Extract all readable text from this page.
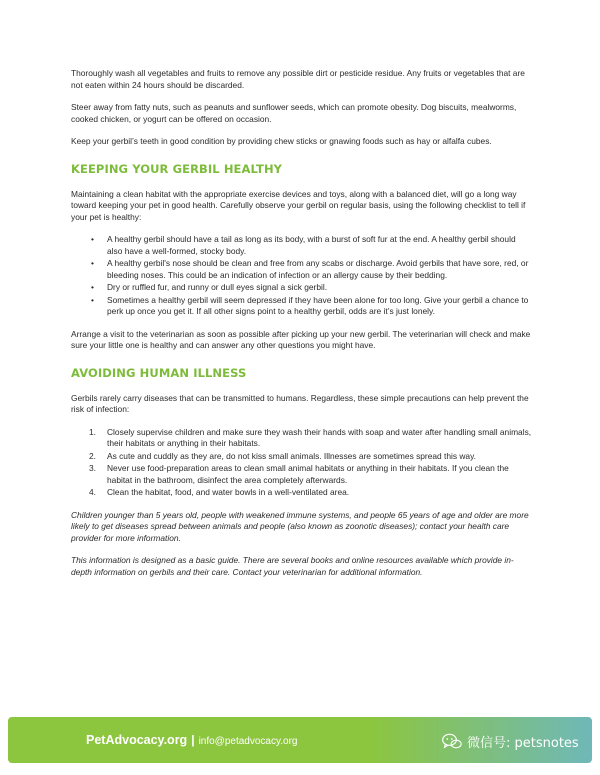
Thoroughly wash all vegetables and fruits to remove any possible dirt or pesticide residue. Any fruits or vegetables that are not eaten within 24 hours should be discarded.

Steer away from fatty nuts, such as peanuts and sunflower seeds, which can promote obesity. Dog biscuits, mealworms, cooked chicken, or yogurt can be offered on occasion.

Keep your gerbil’s teeth in good condition by providing chew sticks or gnawing foods such as hay or alfalfa cubes.

KEEPING YOUR GERBIL HEALTHY

Maintaining a clean habitat with the appropriate exercise devices and toys, along with a balanced diet, will go a long way toward keeping your pet in good health. Carefully observe your gerbil on regular basis, using the following checklist to tell if your pet is healthy:

• A healthy gerbil should have a tail as long as its body, with a burst of soft fur at the end. A healthy gerbil should also have a well-formed, stocky body.
• A healthy gerbil's nose should be clean and free from any scabs or discharge. Avoid gerbils that have sore, red, or bleeding noses. This could be an indication of infection or an allergy cause by their bedding.
• Dry or ruffled fur, and runny or dull eyes signal a sick gerbil.
• Sometimes a healthy gerbil will seem depressed if they have been alone for too long. Give your gerbil a chance to perk up once you get it. If all other signs point to a healthy gerbil, odds are it’s just lonely.

Arrange a visit to the veterinarian as soon as possible after picking up your new gerbil. The veterinarian will check and make sure your little one is healthy and can answer any other questions you might have.

AVOIDING HUMAN ILLNESS

Gerbils rarely carry diseases that can be transmitted to humans. Regardless, these simple precautions can help prevent the risk of infection:

1. Closely supervise children and make sure they wash their hands with soap and water after handling small animals, their habitats or anything in their habitats.
2. As cute and cuddly as they are, do not kiss small animals. Illnesses are sometimes spread this way.
3. Never use food-preparation areas to clean small animal habitats or anything in their habitats. If you clean the habitat in the bathroom, disinfect the area completely afterwards.
4. Clean the habitat, food, and water bowls in a well-ventilated area.

Children younger than 5 years old, people with weakened immune systems, and people 65 years of age and older are more likely to get diseases spread between animals and people (also known as zoonotic diseases); contact your health care provider for more information.

This information is designed as a basic guide. There are several books and online resources available which provide in-depth information on gerbils and their care. Contact your veterinarian for additional information.

PetAdvocacy.org | info@petadvocacy.org	微信号: petsnotes
